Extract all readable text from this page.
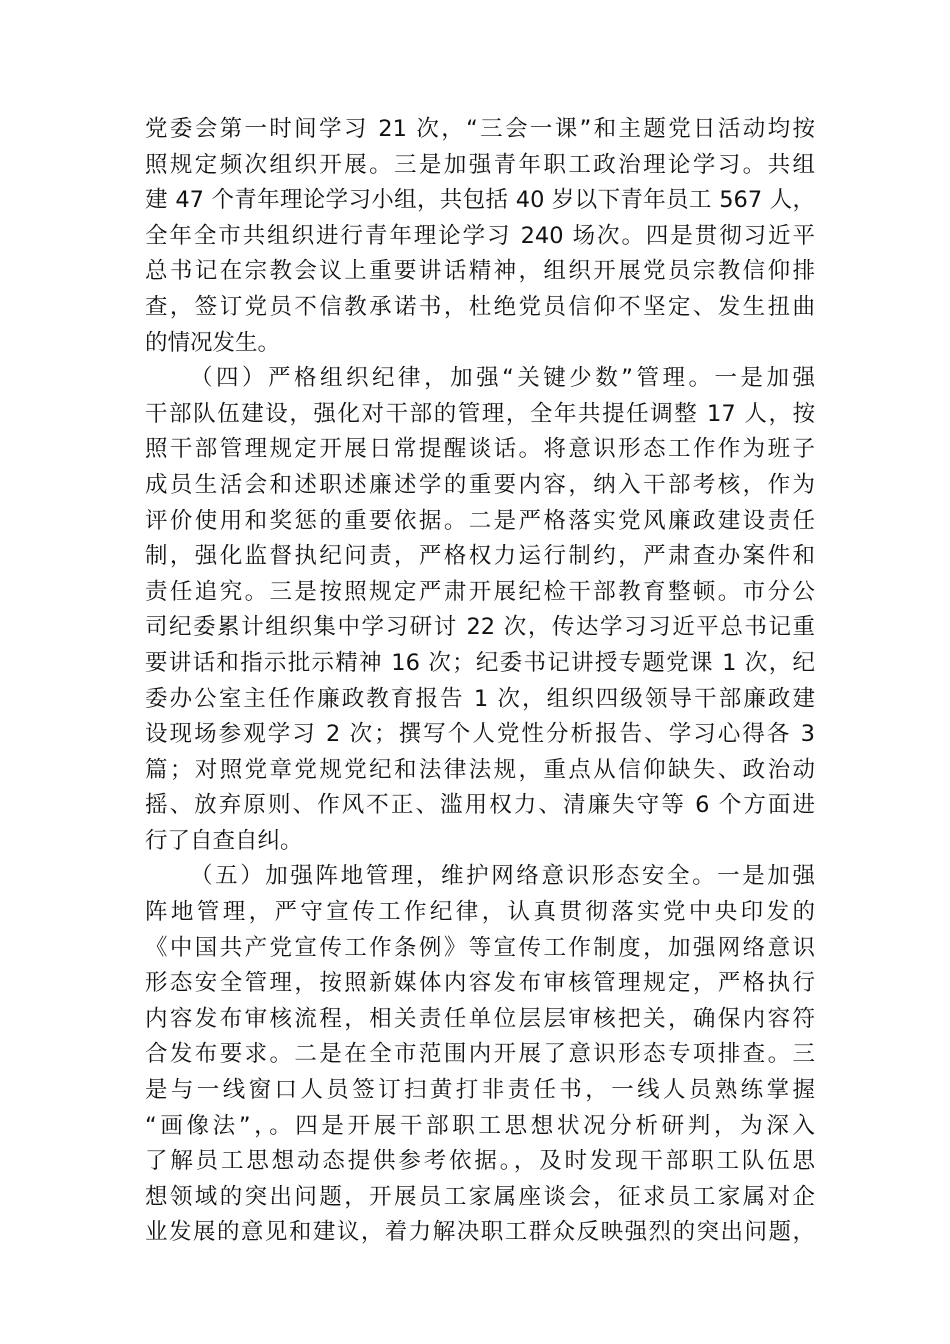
党委会第一时间学习 21 次，“三会一课”和主题党日活动均按
照规定频次组织开展。三是加强青年职工政治理论学习。共组
建 47 个青年理论学习小组，共包括 40 岁以下青年员工 567 人，
全年全市共组织进行青年理论学习 240 场次。四是贯彻习近平
总书记在宗教会议上重要讲话精神，组织开展党员宗教信仰排
查，签订党员不信教承诺书，杜绝党员信仰不坚定、发生扭曲
的情况发生。
（四）严格组织纪律，加强“关键少数”管理。一是加强
干部队伍建设，强化对干部的管理，全年共提任调整 17 人，按
照干部管理规定开展日常提醒谈话。将意识形态工作作为班子
成员生活会和述职述廉述学的重要内容，纳入干部考核，作为
评价使用和奖惩的重要依据。二是严格落实党风廉政建设责任
制，强化监督执纪问责，严格权力运行制约，严肃查办案件和
责任追究。三是按照规定严肃开展纪检干部教育整顿。市分公
司纪委累计组织集中学习研讨 22 次，传达学习习近平总书记重
要讲话和指示批示精神 16 次；纪委书记讲授专题党课 1 次，纪
委办公室主任作廉政教育报告 1 次，组织四级领导干部廉政建
设现场参观学习 2 次；撰写个人党性分析报告、学习心得各 3
篇；对照党章党规党纪和法律法规，重点从信仰缺失、政治动
摇、放弃原则、作风不正、滥用权力、清廉失守等 6 个方面进
行了自查自纠。
（五）加强阵地管理，维护网络意识形态安全。一是加强
阵地管理，严守宣传工作纪律，认真贯彻落实党中央印发的
《中国共产党宣传工作条例》等宣传工作制度，加强网络意识
形态安全管理，按照新媒体内容发布审核管理规定，严格执行
内容发布审核流程，相关责任单位层层审核把关，确保内容符
合发布要求。二是在全市范围内开展了意识形态专项排查。三
是与一线窗口人员签订扫黄打非责任书，一线人员熟练掌握
“画像法”，。四是开展干部职工思想状况分析研判，为深入
了解员工思想动态提供参考依据。，及时发现干部职工队伍思
想领域的突出问题，开展员工家属座谈会，征求员工家属对企
业发展的意见和建议，着力解决职工群众反映强烈的突出问题，
